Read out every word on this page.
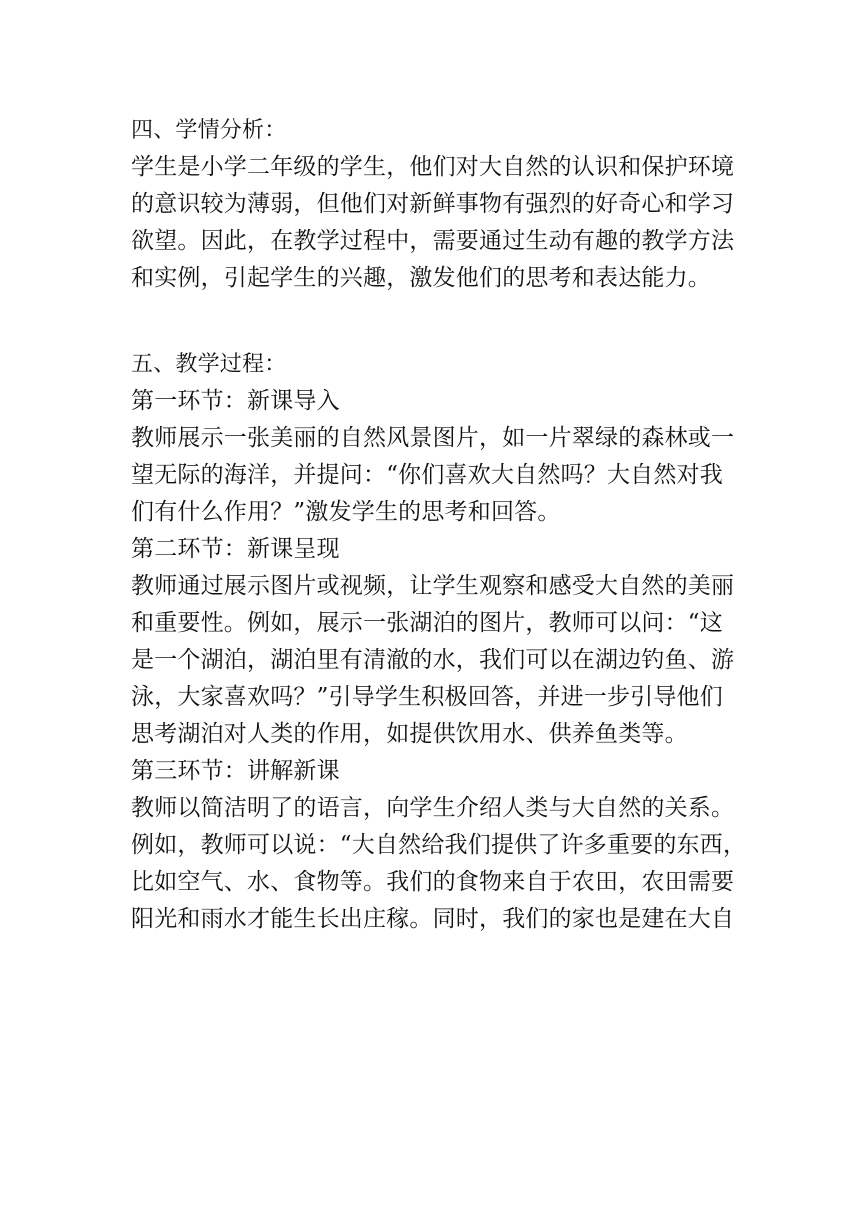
四、学情分析：
学生是小学二年级的学生，他们对大自然的认识和保护环境
的意识较为薄弱，但他们对新鲜事物有强烈的好奇心和学习
欲望。因此，在教学过程中，需要通过生动有趣的教学方法
和实例，引起学生的兴趣，激发他们的思考和表达能力。
五、教学过程：
第一环节：新课导入
教师展示一张美丽的自然风景图片，如一片翠绿的森林或一
望无际的海洋，并提问：“你们喜欢大自然吗？大自然对我
们有什么作用？”激发学生的思考和回答。
第二环节：新课呈现
教师通过展示图片或视频，让学生观察和感受大自然的美丽
和重要性。例如，展示一张湖泊的图片，教师可以问：“这
是一个湖泊，湖泊里有清澈的水，我们可以在湖边钓鱼、游
泳，大家喜欢吗？”引导学生积极回答，并进一步引导他们
思考湖泊对人类的作用，如提供饮用水、供养鱼类等。
第三环节：讲解新课
教师以简洁明了的语言，向学生介绍人类与大自然的关系。
例如，教师可以说：“大自然给我们提供了许多重要的东西，
比如空气、水、食物等。我们的食物来自于农田，农田需要
阳光和雨水才能生长出庄稼。同时，我们的家也是建在大自
